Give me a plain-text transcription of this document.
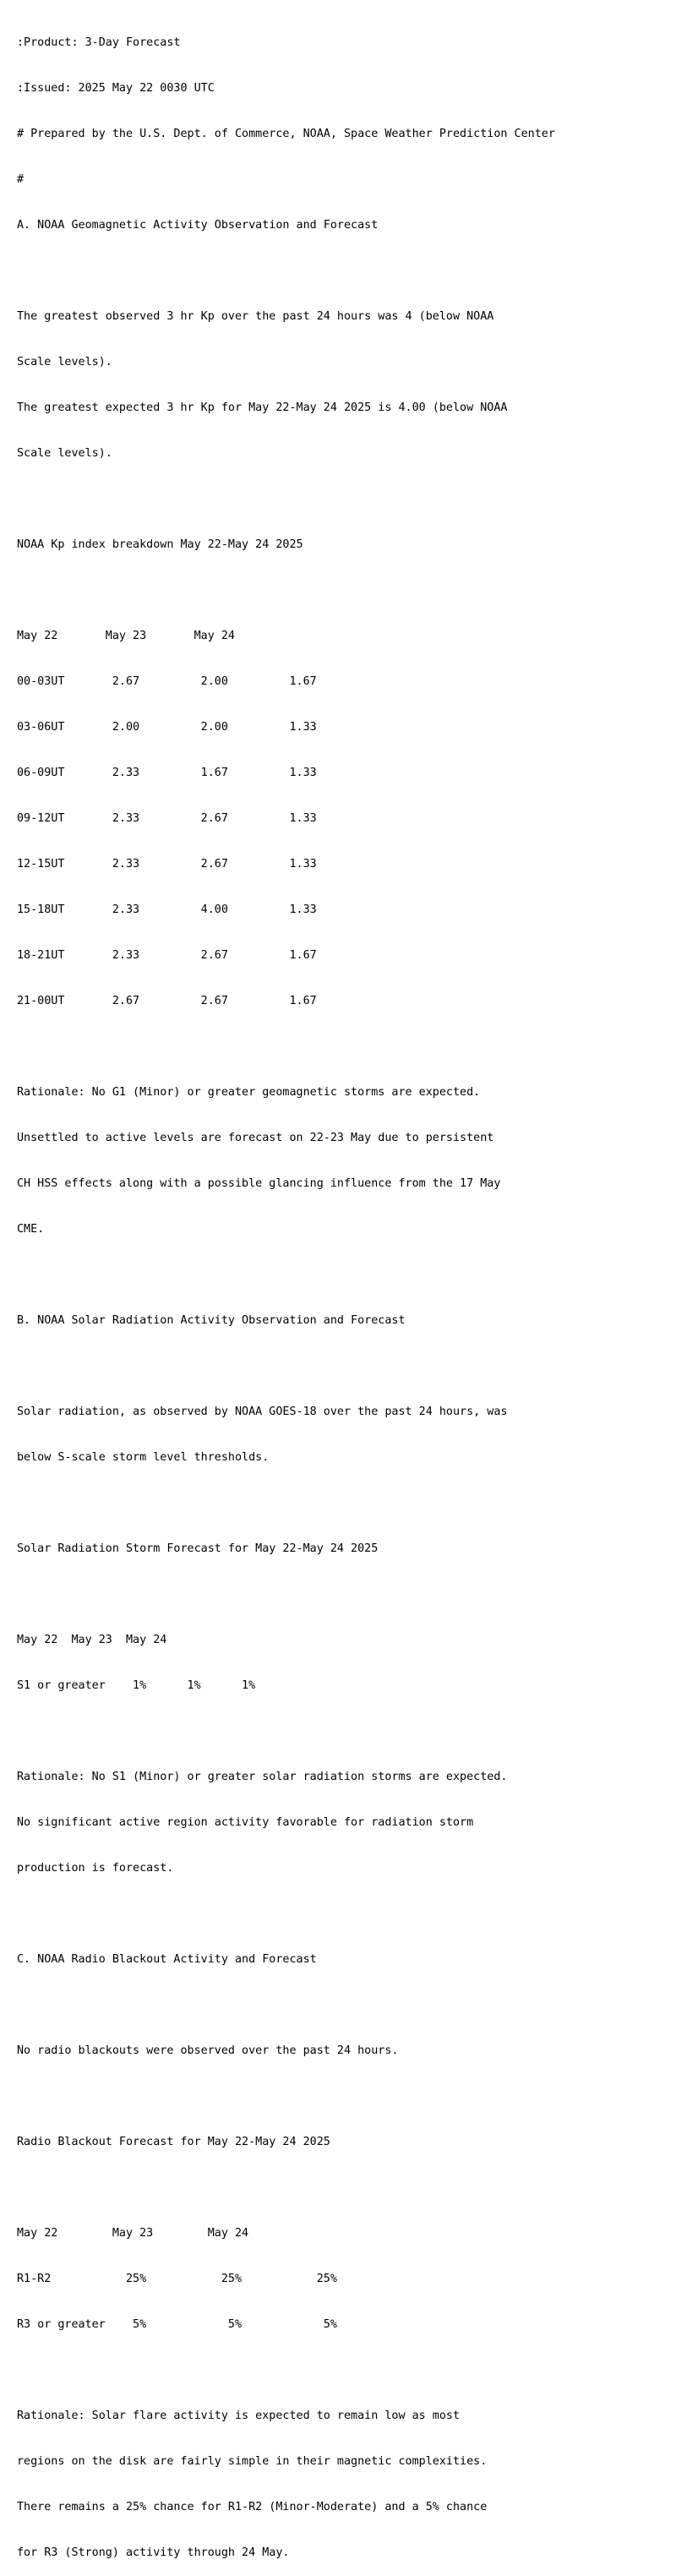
:Product: 3-Day Forecast

:Issued: 2025 May 22 0030 UTC

# Prepared by the U.S. Dept. of Commerce, NOAA, Space Weather Prediction Center

#

A. NOAA Geomagnetic Activity Observation and Forecast

The greatest observed 3 hr Kp over the past 24 hours was 4 (below NOAA

Scale levels).

The greatest expected 3 hr Kp for May 22-May 24 2025 is 4.00 (below NOAA

Scale levels).

NOAA Kp index breakdown May 22-May 24 2025

May 22       May 23       May 24

00-03UT       2.67         2.00         1.67

03-06UT       2.00         2.00         1.33

06-09UT       2.33         1.67         1.33

09-12UT       2.33         2.67         1.33

12-15UT       2.33         2.67         1.33

15-18UT       2.33         4.00         1.33

18-21UT       2.33         2.67         1.67

21-00UT       2.67         2.67         1.67

Rationale: No G1 (Minor) or greater geomagnetic storms are expected.

Unsettled to active levels are forecast on 22-23 May due to persistent

CH HSS effects along with a possible glancing influence from the 17 May

CME.

B. NOAA Solar Radiation Activity Observation and Forecast

Solar radiation, as observed by NOAA GOES-18 over the past 24 hours, was

below S-scale storm level thresholds.

Solar Radiation Storm Forecast for May 22-May 24 2025

May 22  May 23  May 24

S1 or greater    1%      1%      1%

Rationale: No S1 (Minor) or greater solar radiation storms are expected.

No significant active region activity favorable for radiation storm

production is forecast.

C. NOAA Radio Blackout Activity and Forecast

No radio blackouts were observed over the past 24 hours.

Radio Blackout Forecast for May 22-May 24 2025

May 22        May 23        May 24

R1-R2           25%           25%           25%

R3 or greater    5%            5%            5%

Rationale: Solar flare activity is expected to remain low as most

regions on the disk are fairly simple in their magnetic complexities.

There remains a 25% chance for R1-R2 (Minor-Moderate) and a 5% chance

for R3 (Strong) activity through 24 May.
